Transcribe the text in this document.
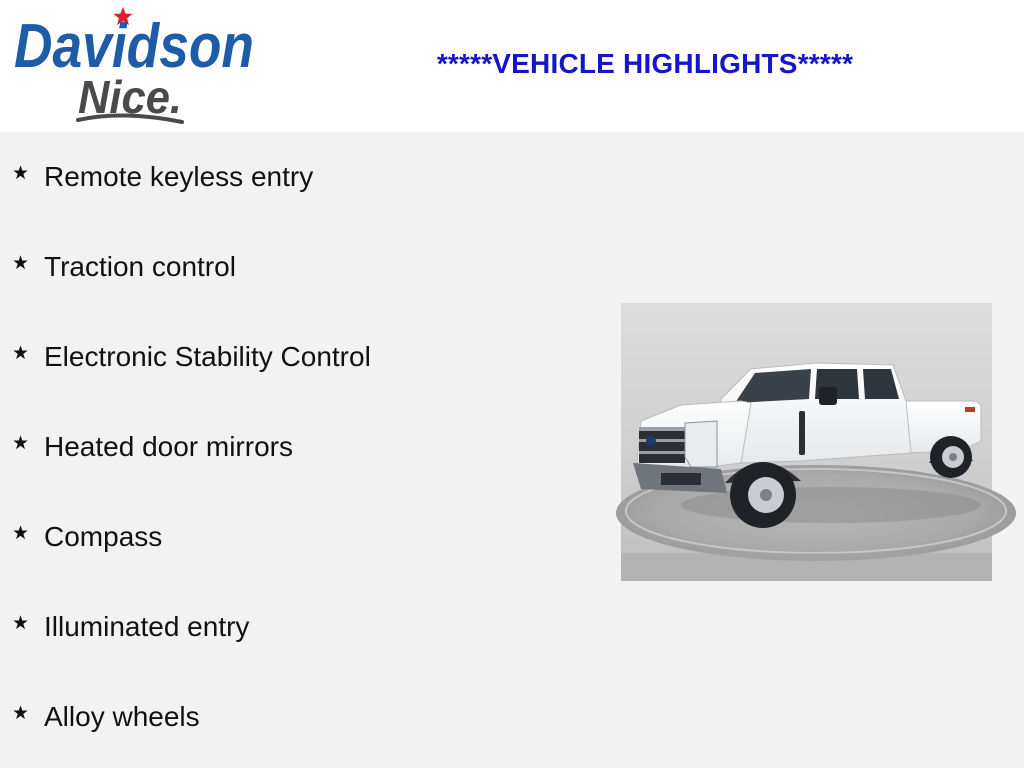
Davidson
Nice.
*****VEHICLE HIGHLIGHTS*****
★ Remote keyless entry
★ Traction control
★ Electronic Stability Control
★ Heated door mirrors
★ Compass
★ Illuminated entry
★ Alloy wheels
